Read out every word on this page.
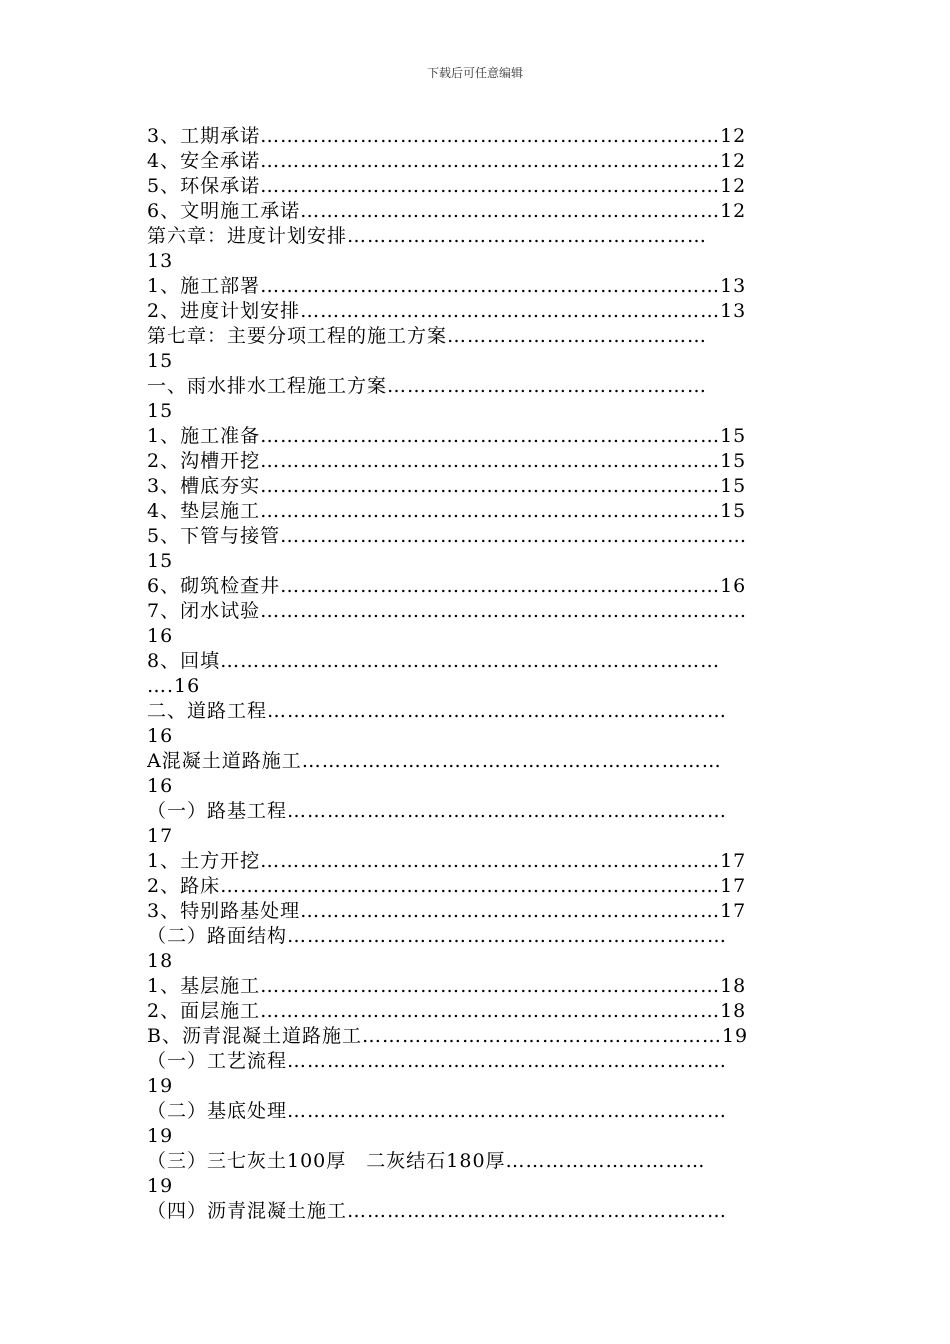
下载后可任意编辑
3、工期承诺……………………………………………………………12
4、安全承诺……………………………………………………………12
5、环保承诺……………………………………………………………12
6、文明施工承诺………………………………………………………12
第六章：进度计划安排………………………………………………
13
1、施工部署……………………………………………………………13
2、进度计划安排………………………………………………………13
第七章：主要分项工程的施工方案…………………………………
15
一、雨水排水工程施工方案…………………………………………
15
1、施工准备……………………………………………………………15
2、沟槽开挖……………………………………………………………15
3、槽底夯实……………………………………………………………15
4、垫层施工……………………………………………………………15
5、下管与接管………………………………………………………….…
15
6、砌筑检查井…………………………………………………………16
7、闭水试验…………………………………………………………….…
16
8、回填…………………………………………………………………
….16
二、道路工程……………………………………………………………
16
A混凝土道路施工………………………………………………………
16
（一）路基工程…………………………………………………………
17
1、土方开挖……………………………………………………………17
2、路床…………………………………………………………………17
3、特别路基处理………………………………………………………17
（二）路面结构…………………………………………………………
18
1、基层施工……………………………………………………………18
2、面层施工……………………………………………………………18
B、沥青混凝土道路施工………………………………………………19
（一）工艺流程…………………………………………………………
19
（二）基底处理…………………………………………………………
19
（三）三七灰土100厚　二灰结石180厚…………………………
19
（四）沥青混凝土施工…………………………………………………
